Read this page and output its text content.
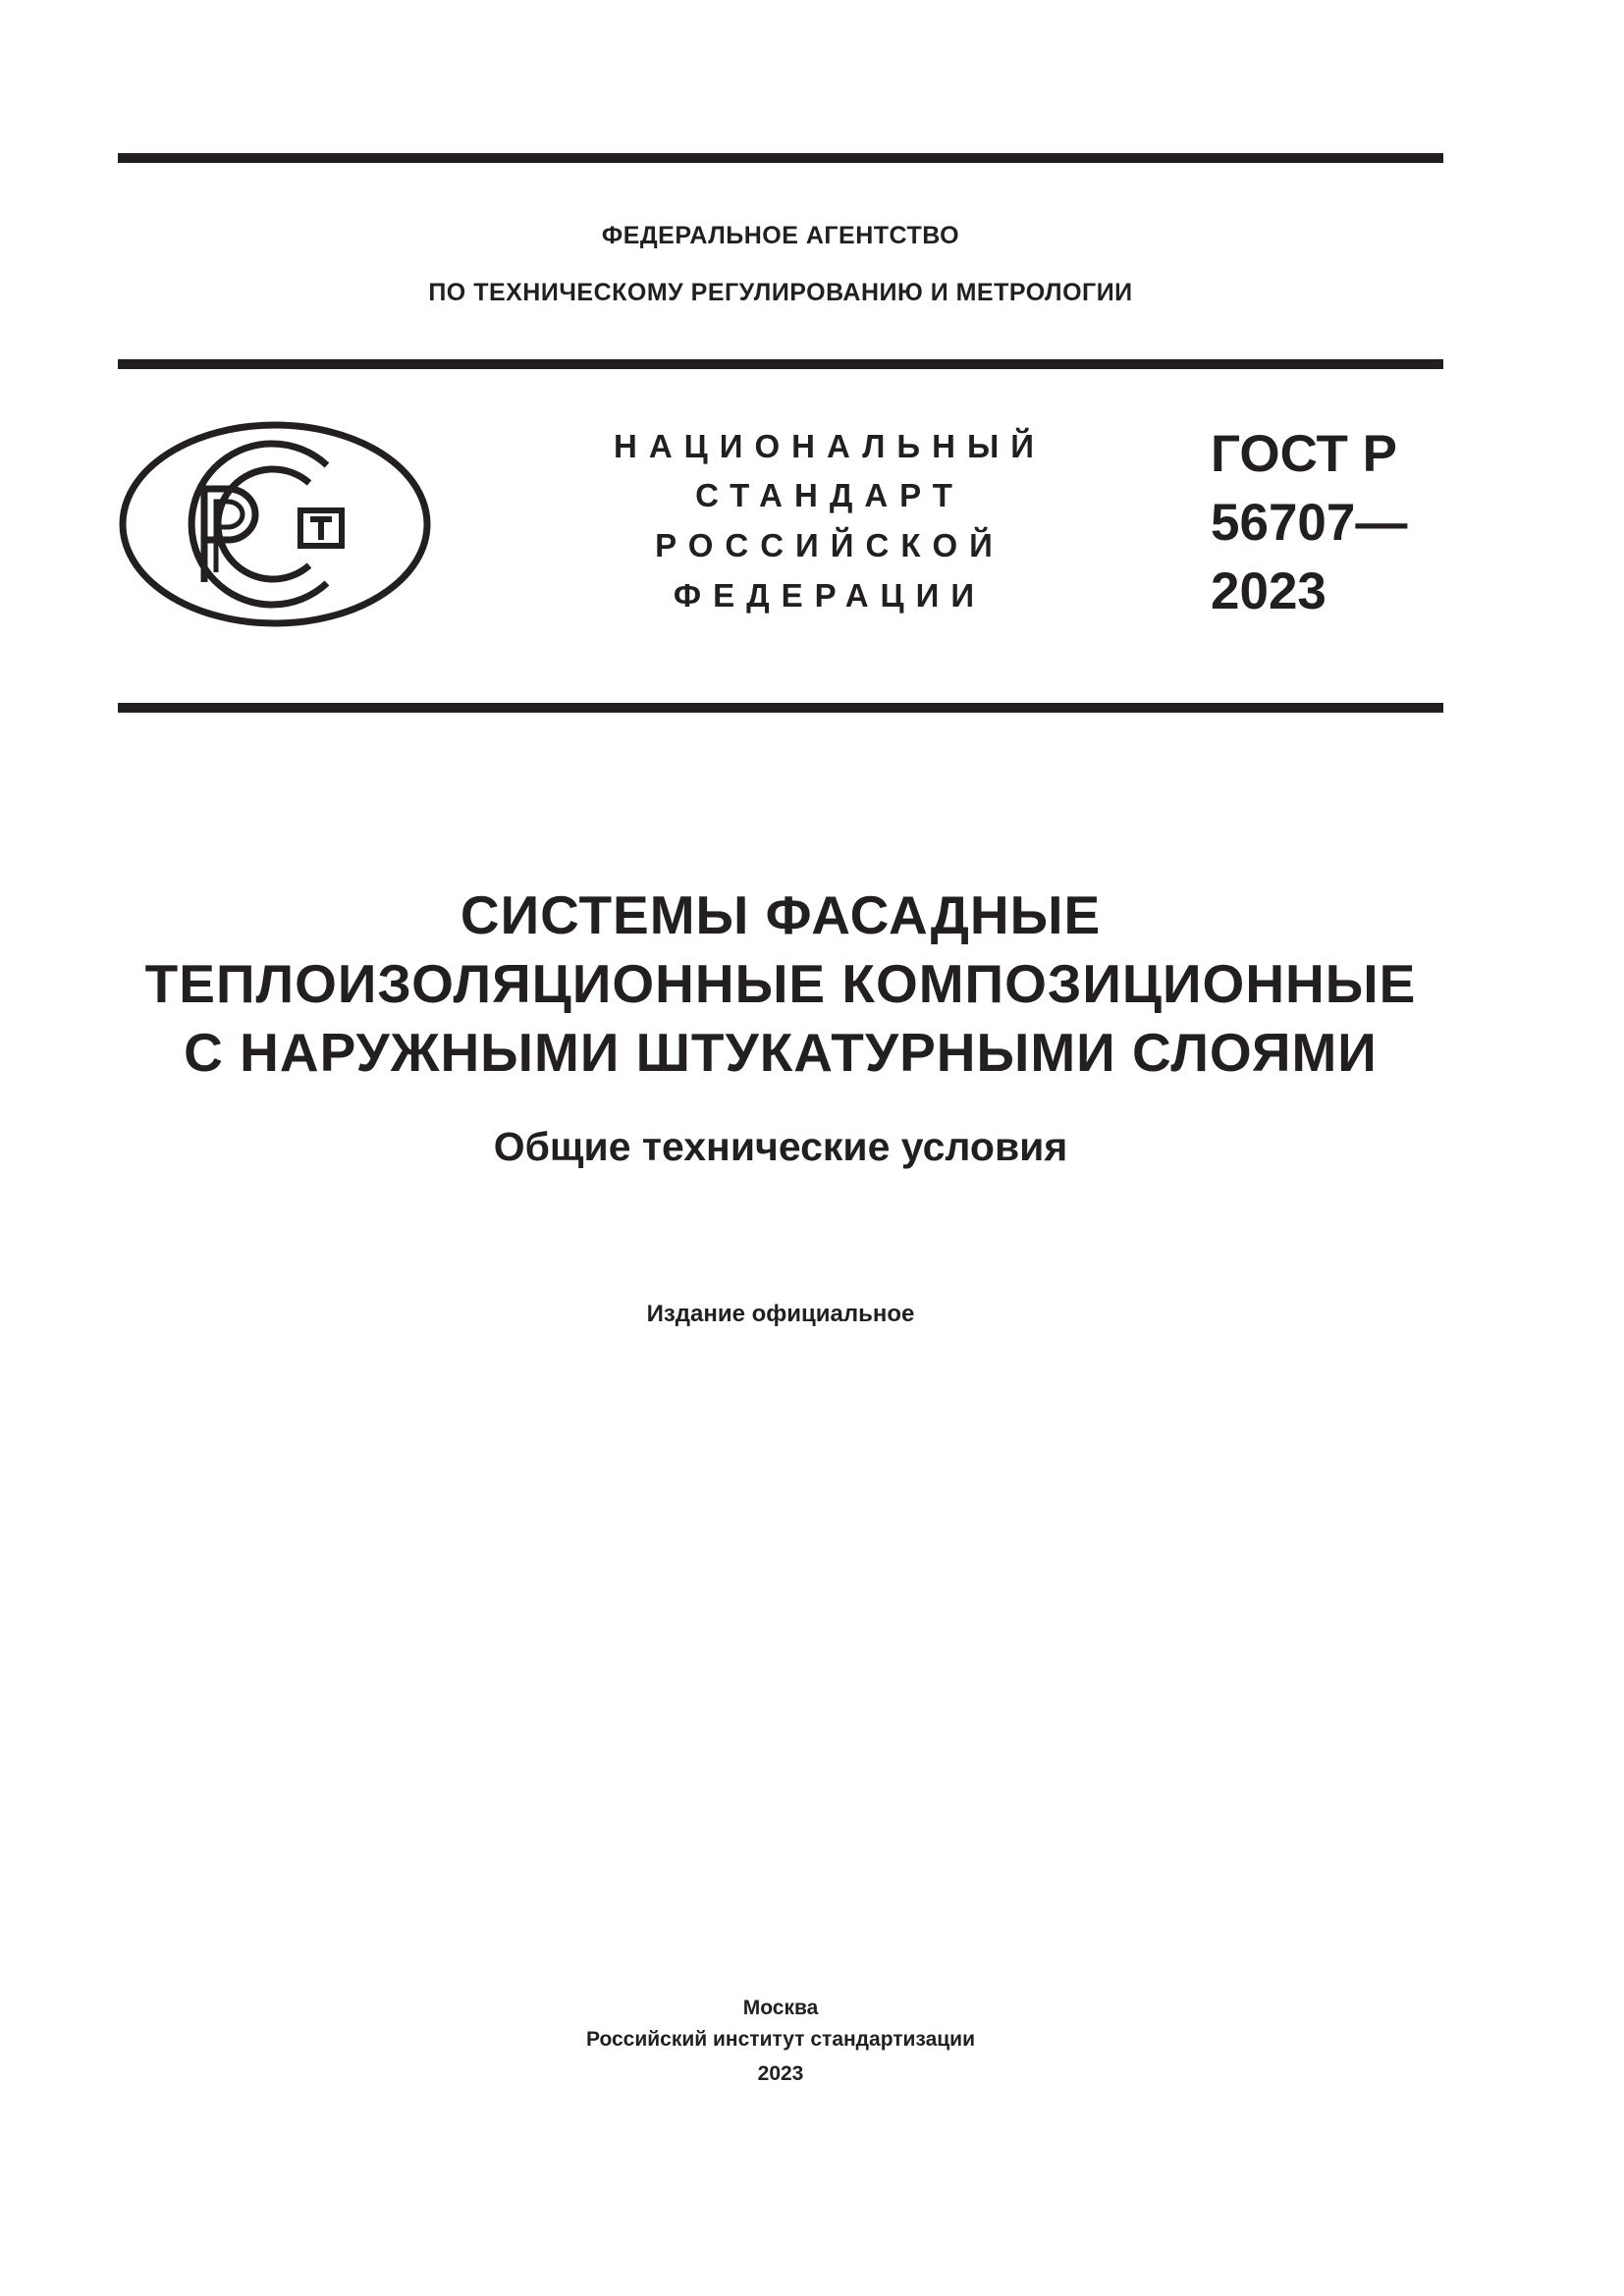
ФЕДЕРАЛЬНОЕ АГЕНТСТВО
ПО ТЕХНИЧЕСКОМУ РЕГУЛИРОВАНИЮ И МЕТРОЛОГИИ
НАЦИОНАЛЬНЫЙ
СТАНДАРТ
РОССИЙСКОЙ
ФЕДЕРАЦИИ
ГОСТ Р
56707—
2023
СИСТЕМЫ ФАСАДНЫЕ
ТЕПЛОИЗОЛЯЦИОННЫЕ КОМПОЗИЦИОННЫЕ
С НАРУЖНЫМИ ШТУКАТУРНЫМИ СЛОЯМИ
Общие технические условия
Издание официальное
Москва
Российский институт стандартизации
2023
